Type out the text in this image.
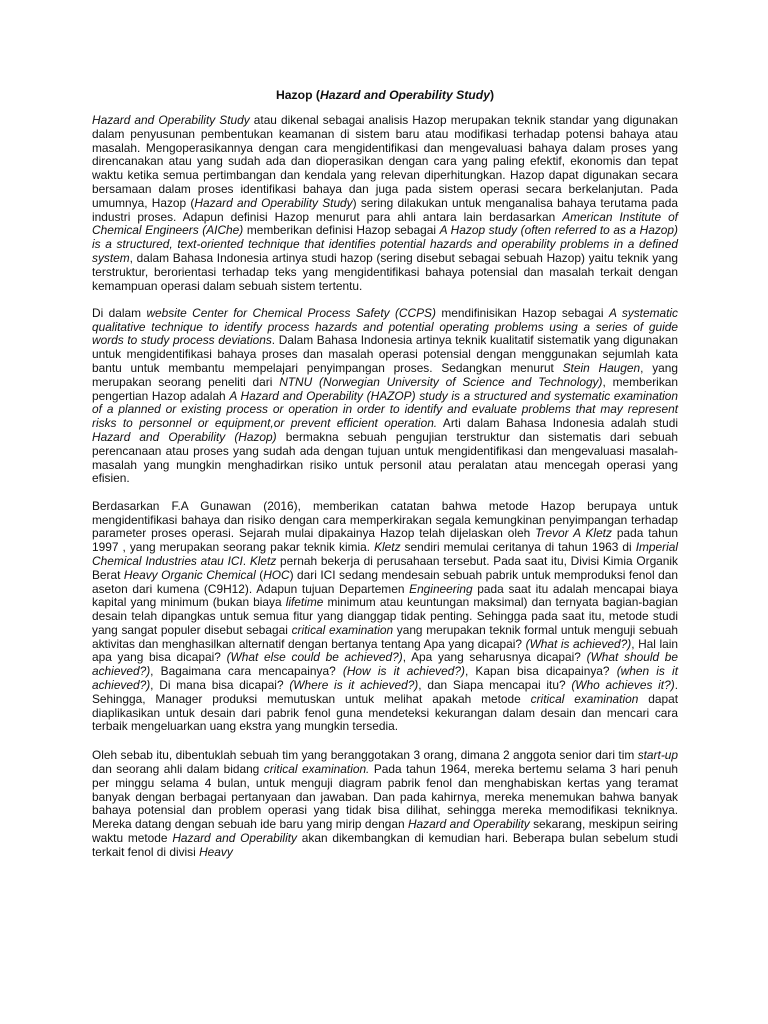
Hazop (Hazard and Operability Study)

Hazard and Operability Study atau dikenal sebagai analisis Hazop merupakan teknik standar yang digunakan dalam penyusunan pembentukan keamanan di sistem baru atau modifikasi terhadap potensi bahaya atau masalah. Mengoperasikannya dengan cara mengidentifikasi dan mengevaluasi bahaya dalam proses yang direncanakan atau yang sudah ada dan dioperasikan dengan cara yang paling efektif, ekonomis dan tepat waktu ketika semua pertimbangan dan kendala yang relevan diperhitungkan. Hazop dapat digunakan secara bersamaan dalam proses identifikasi bahaya dan juga pada sistem operasi secara berkelanjutan. Pada umumnya, Hazop (Hazard and Operability Study) sering dilakukan untuk menganalisa bahaya terutama pada industri proses. Adapun definisi Hazop menurut para ahli antara lain berdasarkan American Institute of Chemical Engineers (AIChe) memberikan definisi Hazop sebagai A Hazop study (often referred to as a Hazop) is a structured, text-oriented technique that identifies potential hazards and operability problems in a defined system, dalam Bahasa Indonesia artinya studi hazop (sering disebut sebagai sebuah Hazop) yaitu teknik yang terstruktur, berorientasi terhadap teks yang mengidentifikasi bahaya potensial dan masalah terkait dengan kemampuan operasi dalam sebuah sistem tertentu.

Di dalam website Center for Chemical Process Safety (CCPS) mendifinisikan Hazop sebagai A systematic qualitative technique to identify process hazards and potential operating problems using a series of guide words to study process deviations. Dalam Bahasa Indonesia artinya teknik kualitatif sistematik yang digunakan untuk mengidentifikasi bahaya proses dan masalah operasi potensial dengan menggunakan sejumlah kata bantu untuk membantu mempelajari penyimpangan proses. Sedangkan menurut Stein Haugen, yang merupakan seorang peneliti dari NTNU (Norwegian University of Science and Technology), memberikan pengertian Hazop adalah A Hazard and Operability (HAZOP) study is a structured and systematic examination of a planned or existing process or operation in order to identify and evaluate problems that may represent risks to personnel or equipment,or prevent efficient operation. Arti dalam Bahasa Indonesia adalah studi Hazard and Operability (Hazop) bermakna sebuah pengujian terstruktur dan sistematis dari sebuah perencanaan atau proses yang sudah ada dengan tujuan untuk mengidentifikasi dan mengevaluasi masalah-masalah yang mungkin menghadirkan risiko untuk personil atau peralatan atau mencegah operasi yang efisien.

Berdasarkan F.A Gunawan (2016), memberikan catatan bahwa metode Hazop berupaya untuk mengidentifikasi bahaya dan risiko dengan cara memperkirakan segala kemungkinan penyimpangan terhadap parameter proses operasi. Sejarah mulai dipakainya Hazop telah dijelaskan oleh Trevor A Kletz pada tahun 1997 , yang merupakan seorang pakar teknik kimia. Kletz sendiri memulai ceritanya di tahun 1963 di Imperial Chemical Industries atau ICI. Kletz pernah bekerja di perusahaan tersebut. Pada saat itu, Divisi Kimia Organik Berat Heavy Organic Chemical (HOC) dari ICI sedang mendesain sebuah pabrik untuk memproduksi fenol dan aseton dari kumena (C9H12). Adapun tujuan Departemen Engineering pada saat itu adalah mencapai biaya kapital yang minimum (bukan biaya lifetime minimum atau keuntungan maksimal) dan ternyata bagian-bagian desain telah dipangkas untuk semua fitur yang dianggap tidak penting. Sehingga pada saat itu, metode studi yang sangat populer disebut sebagai critical examination yang merupakan teknik formal untuk menguji sebuah aktivitas dan menghasilkan alternatif dengan bertanya tentang Apa yang dicapai? (What is achieved?), Hal lain apa yang bisa dicapai? (What else could be achieved?), Apa yang seharusnya dicapai? (What should be achieved?), Bagaimana cara mencapainya? (How is it achieved?), Kapan bisa dicapainya? (when is it achieved?), Di mana bisa dicapai? (Where is it achieved?), dan Siapa mencapai itu? (Who achieves it?). Sehingga, Manager produksi memutuskan untuk melihat apakah metode critical examination dapat diaplikasikan untuk desain dari pabrik fenol guna mendeteksi kekurangan dalam desain dan mencari cara terbaik mengeluarkan uang ekstra yang mungkin tersedia.

Oleh sebab itu, dibentuklah sebuah tim yang beranggotakan 3 orang, dimana 2 anggota senior dari tim start-up dan seorang ahli dalam bidang critical examination. Pada tahun 1964, mereka bertemu selama 3 hari penuh per minggu selama 4 bulan, untuk menguji diagram pabrik fenol dan menghabiskan kertas yang teramat banyak dengan berbagai pertanyaan dan jawaban. Dan pada kahirnya, mereka menemukan bahwa banyak bahaya potensial dan problem operasi yang tidak bisa dilihat, sehingga mereka memodifikasi tekniknya. Mereka datang dengan sebuah ide baru yang mirip dengan Hazard and Operability sekarang, meskipun seiring waktu metode Hazard and Operability akan dikembangkan di kemudian hari. Beberapa bulan sebelum studi terkait fenol di divisi Heavy
